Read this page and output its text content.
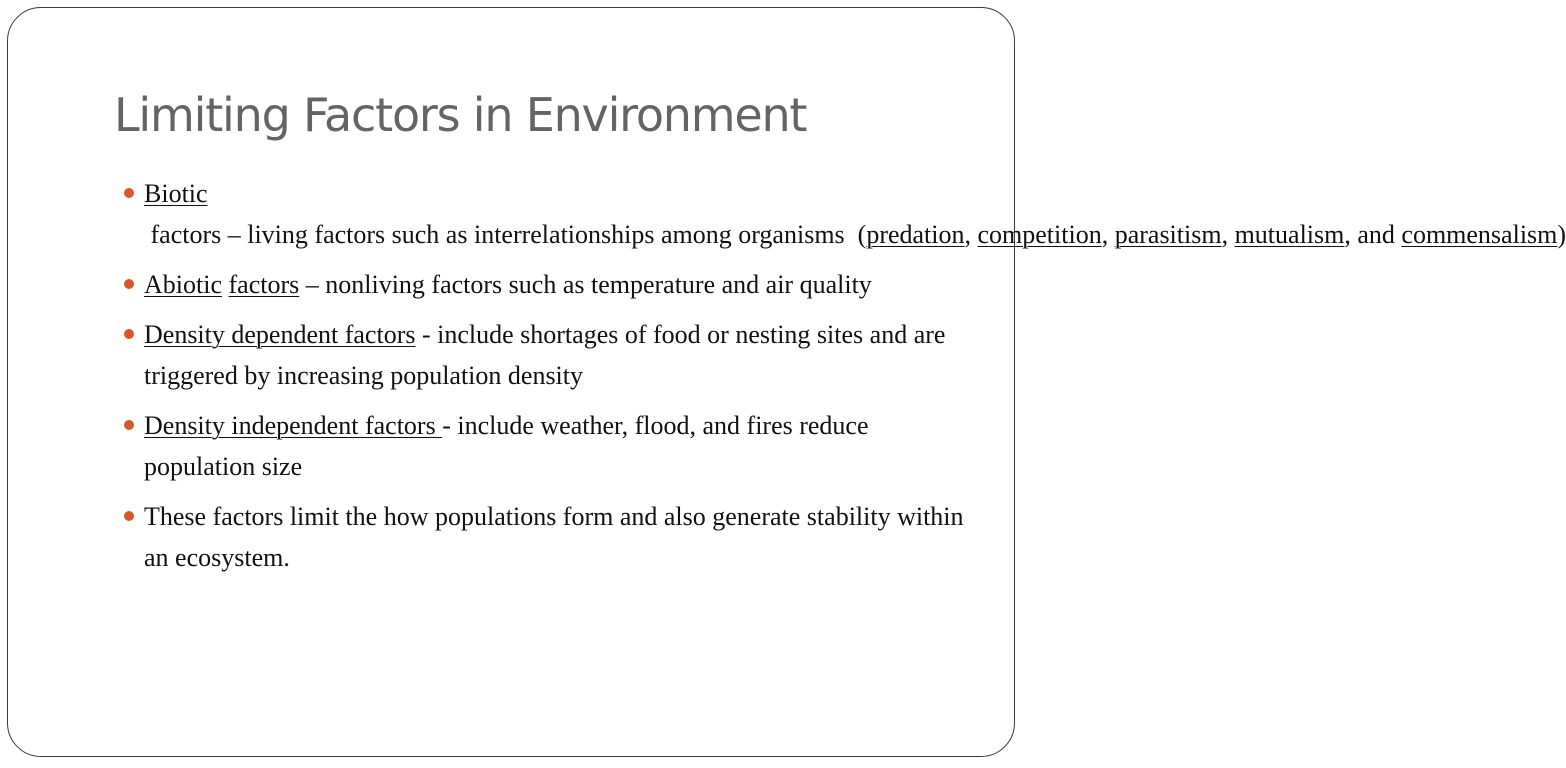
Limiting Factors in Environment
Biotic factors – living factors such as interrelationships among organisms  (predation, competition, parasitism, mutualism, and commensalism)
Abiotic factors – nonliving factors such as temperature and air quality
Density dependent factors - include shortages of food or nesting sites and are triggered by increasing population density
Density independent factors - include weather, flood, and fires reduce population size
These factors limit the how populations form and also generate stability within an ecosystem.
